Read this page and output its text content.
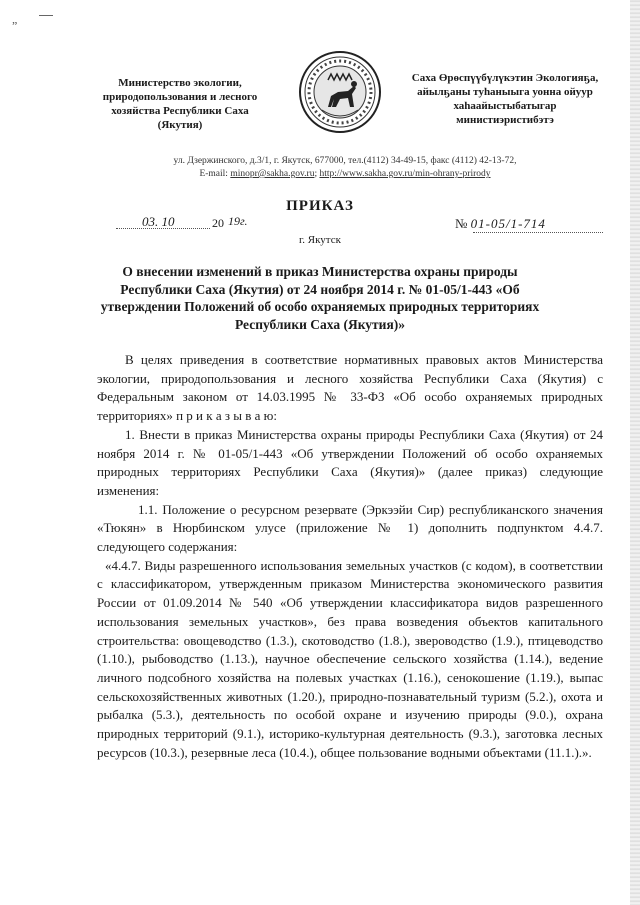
„
Министерство экологии, природопользования и лесного хозяйства Республики Саха (Якутия)
Саха Өрөспүүбүлүкэтин Экологияҕа, айылҕаны туһаныыга уонна ойуур хаһаайыстыбатыгар министиэристибэтэ
ул. Дзержинского, д.3/1, г. Якутск, 677000, тел.(4112) 34-49-15, факс (4112) 42-13-72,
E-mail: minopr@sakha.gov.ru; http://www.sakha.gov.ru/min-ohrany-prirody
ПРИКАЗ
03. 10	20 19г.	№ 01-05/1-714
г. Якутск
О внесении изменений в приказ Министерства охраны природы Республики Саха (Якутия) от 24 ноября 2014 г. № 01-05/1-443 «Об утверждении Положений об особо охраняемых природных территориях Республики Саха (Якутия)»

В целях приведения в соответствие нормативных правовых актов Министерства экологии, природопользования и лесного хозяйства Республики Саха (Якутия) с Федеральным законом от 14.03.1995 № 33-ФЗ «Об особо охраняемых природных территориях» п р и к а з ы в а ю:

1. Внести в приказ Министерства охраны природы Республики Саха (Якутия) от 24 ноября 2014 г. № 01-05/1-443 «Об утверждении Положений об особо охраняемых природных территориях Республики Саха (Якутия)» (далее приказ) следующие изменения:

1.1. Положение о ресурсном резервате (Эркээйи Сир) республиканского значения «Тюкян» в Нюрбинском улусе (приложение № 1) дополнить подпунктом 4.4.7. следующего содержания:

«4.4.7. Виды разрешенного использования земельных участков (с кодом), в соответствии с классификатором, утвержденным приказом Министерства экономического развития России от 01.09.2014 № 540 «Об утверждении классификатора видов разрешенного использования земельных участков», без права возведения объектов капитального строительства: овощеводство (1.3.), скотоводство (1.8.), звероводство (1.9.), птицеводство (1.10.), рыбоводство (1.13.), научное обеспечение сельского хозяйства (1.14.), ведение личного подсобного хозяйства на полевых участках (1.16.), сенокошение (1.19.), выпас сельскохозяйственных животных (1.20.), природно-познавательный туризм (5.2.), охота и рыбалка (5.3.), деятельность по особой охране и изучению природы (9.0.), охрана природных территорий (9.1.), историко-культурная деятельность (9.3.), заготовка лесных ресурсов (10.3.), резервные леса (10.4.), общее пользование водными объектами (11.1.).».
